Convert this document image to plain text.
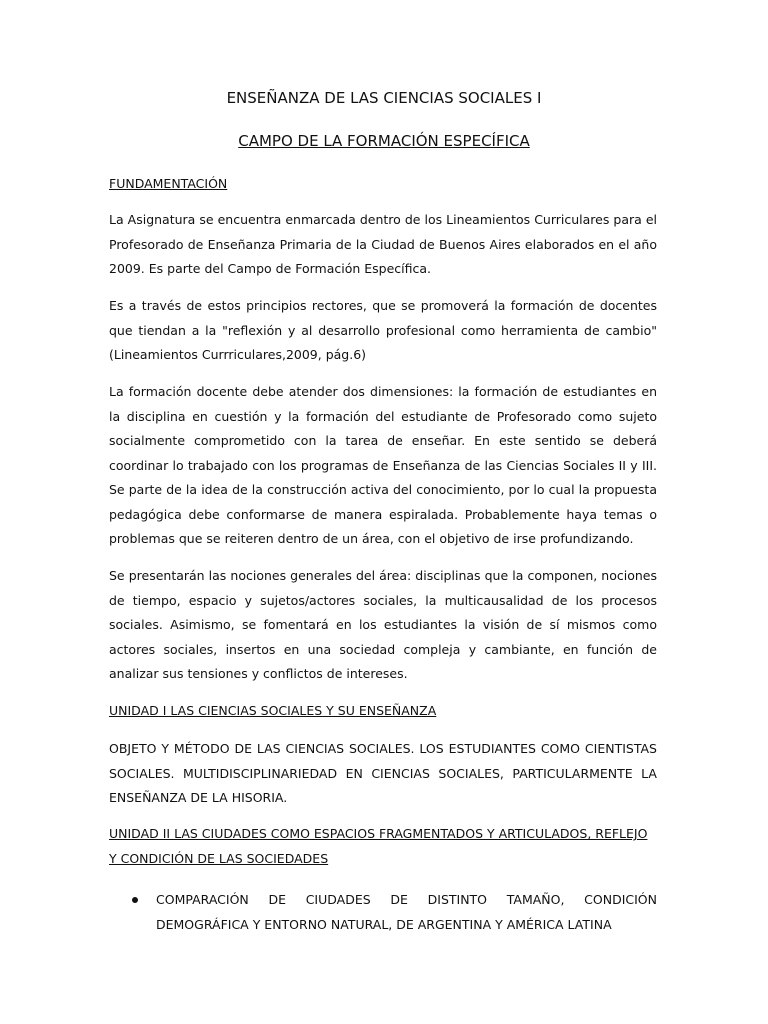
ENSEÑANZA DE LAS CIENCIAS SOCIALES I
CAMPO DE LA FORMACIÓN ESPECÍFICA
FUNDAMENTACIÓN

La Asignatura se encuentra enmarcada dentro de los Lineamientos Curriculares para el Profesorado de Enseñanza Primaria de la Ciudad de Buenos Aires elaborados en el año 2009. Es parte del Campo de Formación Específica.

Es a través de estos principios rectores, que se promoverá la formación de docentes que tiendan a la "reflexión y al desarrollo profesional como herramienta de cambio" (Lineamientos Currriculares,2009, pág.6)

La formación docente debe atender dos dimensiones: la formación de estudiantes en la disciplina en cuestión y la formación del estudiante de Profesorado como sujeto socialmente comprometido con la tarea de enseñar. En este sentido se deberá coordinar lo trabajado con los programas de Enseñanza de las Ciencias Sociales II y III. Se parte de la idea de la construcción activa del conocimiento, por lo cual la propuesta pedagógica debe conformarse de manera espiralada. Probablemente haya temas o problemas que se reiteren dentro de un área, con el objetivo de irse profundizando.

Se presentarán las nociones generales del área: disciplinas que la componen, nociones de tiempo, espacio y sujetos/actores sociales, la multicausalidad de los procesos sociales. Asimismo, se fomentará en los estudiantes la visión de sí mismos como actores sociales, insertos en una sociedad compleja y cambiante, en función de analizar sus tensiones y conflictos de intereses.

UNIDAD I LAS CIENCIAS SOCIALES Y SU ENSEÑANZA

OBJETO Y MÉTODO DE LAS CIENCIAS SOCIALES. LOS ESTUDIANTES COMO CIENTISTAS SOCIALES. MULTIDISCIPLINARIEDAD EN CIENCIAS SOCIALES, PARTICULARMENTE LA ENSEÑANZA DE LA HISORIA.

UNIDAD II LAS CIUDADES COMO ESPACIOS FRAGMENTADOS Y ARTICULADOS, REFLEJO Y CONDICIÓN DE LAS SOCIEDADES
COMPARACIÓN DE CIUDADES DE DISTINTO TAMAÑO, CONDICIÓN DEMOGRÁFICA Y ENTORNO NATURAL, DE ARGENTINA Y AMÉRICA LATINA
